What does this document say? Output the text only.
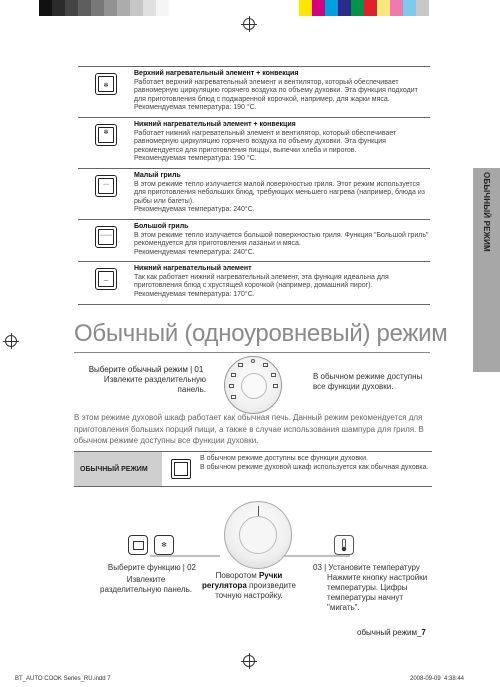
‾‾
✻
Верхний нагревательный элемент + конвекция
Работает верхний нагревательный элемент и вентилятор, который обеспечивает равномерную циркуляцию горячего воздуха по объему духовки. Эта функция подходит для приготовления блюд с поджаренной корочкой, например, для жарки мяса.
Рекомендуемая температура: 190 °C.
✻
__
Нижний нагревательный элемент + конвекция
Работает нижний нагревательный элемент и вентилятор, который обеспечивает равномерную циркуляцию горячего воздуха по объему духовки. Эта функция рекомендуется для приготовления пиццы, выпечки хлеба и пирогов.
Рекомендуемая температура: 190 °C.
﹏
Малый гриль
В этом режиме тепло излучается малой поверхностью гриля. Этот режим используется для приготовления небольших блюд, требующих меньшего нагрева (например, блюда из рыбы или багеты).
Рекомендуемая температура: 240°C.
﹏﹏
Большой гриль
В этом режиме тепло излучается большой поверхностью гриля. Функция "Большой гриль" рекомендуется для приготовления лазаньи и мяса.
Рекомендуемая температура: 240°C.
‾‾
Нижний нагревательный элемент
Так как работает нижний нагревательный элемент, эта функция идеальна для приготовления блюд с хрустящей корочкой (например, домашний пирог).
Рекомендуемая температура: 170°C.
ОБЫЧНЫЙ РЕЖИМ
Обычный (одноуровневый) режим
Выберите обычный режим | 01
Извлеките разделительную панель.
В обычном режиме доступны все функции духовки.
В этом режиме духовой шкаф работает как обычная печь. Данный режим рекомендуется для приготовления больших порций пищи, а также в случае использования шампура для гриля. В обычном режиме доступны все функции духовки.
ОБЫЧНЫЙ РЕЖИМ
В обычном режиме доступны все функции духовки.
В обычном режиме духовой шкаф используется как обычная духовка.
✻
Выберите функцию | 02
Извлеките разделительную панель.
Поворотом Ручки регулятора произведите точную настройку.
03 | Установите температуру
Нажмите кнопку настройки температуры. Цифры температуры начнут "мигать".
обычный режим_7
BT_AUTO COOK Series_RU.indd 7	2008-09-09 4:38:44
